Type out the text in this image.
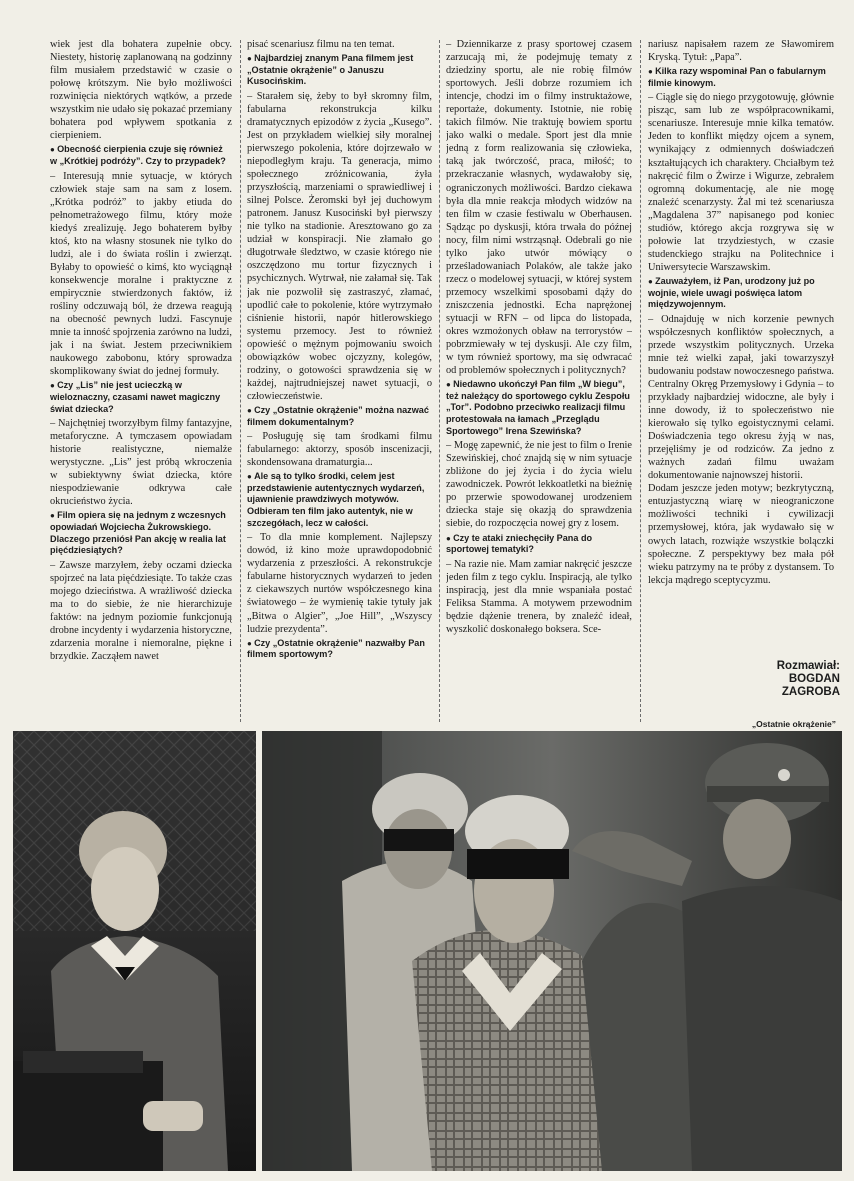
wiek jest dla bohatera zupełnie obcy. Niestety, historię zaplanowaną na godzinny film musiałem przedstawić w czasie o połowę krótszym. Nie było możliwości rozwinięcia niektórych wątków, a przede wszystkim nie udało się pokazać przemiany bohatera pod wpływem spotkania z cierpieniem.

● Obecność cierpienia czuje się również w „Krótkiej podróży”. Czy to przypadek?

– Interesują mnie sytuacje, w których człowiek staje sam na sam z losem. „Krótka podróż” to jakby etiuda do pełnometrażowego filmu, który może kiedyś zrealizuję. Jego bohaterem byłby ktoś, kto na własny stosunek nie tylko do ludzi, ale i do świata roślin i zwierząt. Byłaby to opowieść o kimś, kto wyciągnął konsekwencje moralne i praktyczne z empirycznie stwierdzonych faktów, iż rośliny odczuwają ból, że drzewa reagują na obecność pewnych ludzi. Fascynuje mnie ta inność spojrzenia zarówno na ludzi, jak i na świat. Jestem przeciwnikiem naukowego zabobonu, który sprowadza skomplikowany świat do jednej formuły.

● Czy „Lis” nie jest ucieczką w wieloznaczny, czasami nawet magiczny świat dziecka?

– Najchętniej tworzyłbym filmy fantazyjne, metaforyczne. A tymczasem opowiadam historie realistyczne, niemalże werystyczne. „Lis” jest próbą wkroczenia w subiektywny świat dziecka, które niespodziewanie odkrywa całe okrucieństwo życia.

● Film opiera się na jednym z wczesnych opowiadań Wojciecha Żukrowskiego. Dlaczego przeniósł Pan akcję w realia lat pięćdziesiątych?

– Zawsze marzyłem, żeby oczami dziecka spojrzeć na lata pięćdziesiąte. To także czas mojego dzieciństwa. A wrażliwość dziecka ma to do siebie, że nie hierarchizuje faktów: na jednym poziomie funkcjonują drobne incydenty i wydarzenia historyczne, zdarzenia moralne i niemoralne, piękne i brzydkie. Zacząłem nawet

pisać scenariusz filmu na ten temat.

● Najbardziej znanym Pana filmem jest „Ostatnie okrążenie” o Januszu Kusocińskim.

– Starałem się, żeby to był skromny film, fabularna rekonstrukcja kilku dramatycznych epizodów z życia „Kusego”. Jest on przykładem wielkiej siły moralnej pierwszego pokolenia, które dojrzewało w niepodległym kraju. Ta generacja, mimo społecznego zróżnicowania, żyła przyszłością, marzeniami o sprawiedliwej i silnej Polsce. Żeromski był jej duchowym patronem. Janusz Kusociński był pierwszy nie tylko na stadionie. Aresztowano go za udział w konspiracji. Nie złamało go długotrwałe śledztwo, w czasie którego nie oszczędzono mu tortur fizycznych i psychicznych. Wytrwał, nie załamał się. Tak jak nie pozwolił się zastraszyć, złamać, upodlić całe to pokolenie, które wytrzymało ciśnienie historii, napór hitlerowskiego systemu przemocy. Jest to również opowieść o mężnym pojmowaniu swoich obowiązków wobec ojczyzny, kolegów, rodziny, o gotowości sprawdzenia się w każdej, najtrudniejszej nawet sytuacji, o człowieczeństwie.

● Czy „Ostatnie okrążenie” można nazwać filmem dokumentalnym?

– Posługuję się tam środkami filmu fabularnego: aktorzy, sposób inscenizacji, skondensowana dramaturgia...

● Ale są to tylko środki, celem jest przedstawienie autentycznych wydarzeń, ujawnienie prawdziwych motywów. Odbieram ten film jako autentyk, nie w szczegółach, lecz w całości.

– To dla mnie komplement. Najlepszy dowód, iż kino może uprawdopodobnić wydarzenia z przeszłości. A rekonstrukcje fabularne historycznych wydarzeń to jeden z ciekawszych nurtów współczesnego kina światowego – że wymienię takie tytuły jak „Bitwa o Algier”, „Joe Hill”, „Wszyscy ludzie prezydenta”.

● Czy „Ostatnie okrążenie” nazwałby Pan filmem sportowym?

– Dziennikarze z prasy sportowej czasem zarzucają mi, że podejmuję tematy z dziedziny sportu, ale nie robię filmów sportowych. Jeśli dobrze rozumiem ich intencje, chodzi im o filmy instruktażowe, reportaże, dokumenty. Istotnie, nie robię takich filmów. Nie traktuję bowiem sportu jako walki o medale. Sport jest dla mnie jedną z form realizowania się człowieka, taką jak twórczość, praca, miłość; to przekraczanie własnych, wydawałoby się, ograniczonych możliwości. Bardzo ciekawa była dla mnie reakcja młodych widzów na ten film w czasie festiwalu w Oberhausen. Sądząc po dyskusji, która trwała do późnej nocy, film nimi wstrząsnął. Odebrali go nie tylko jako utwór mówiący o prześladowaniach Polaków, ale także jako rzecz o modelowej sytuacji, w której system przemocy wszelkimi sposobami dąży do zniszczenia jednostki. Echa naprężonej sytuacji w RFN – od lipca do listopada, okres wzmożonych obław na terrorystów – pobrzmiewały w tej dyskusji. Ale czy film, w tym również sportowy, ma się odwracać od problemów społecznych i politycznych?

● Niedawno ukończył Pan film „W biegu”, też należący do sportowego cyklu Zespołu „Tor”. Podobno przeciwko realizacji filmu protestowała na łamach „Przeglądu Sportowego” Irena Szewińska?

– Mogę zapewnić, że nie jest to film o Irenie Szewińskiej, choć znajdą się w nim sytuacje zbliżone do jej życia i do życia wielu zawodniczek. Powrót lekkoatletki na bieżnię po przerwie spowodowanej urodzeniem dziecka staje się okazją do sprawdzenia siebie, do rozpoczęcia nowej gry z losem.

● Czy te ataki zniechęciły Pana do sportowej tematyki?

– Na razie nie. Mam zamiar nakręcić jeszcze jeden film z tego cyklu. Inspiracją, ale tylko inspiracją, jest dla mnie wspaniała postać Feliksa Stamma. A motywem przewodnim będzie dążenie trenera, by znaleźć ideał, wyszkolić doskonałego boksera. Sce-

nariusz napisałem razem ze Sławomirem Kryską. Tytuł: „Papa”.

● Kilka razy wspominał Pan o fabularnym filmie kinowym.

– Ciągle się do niego przygotowuję, głównie pisząc, sam lub ze współpracownikami, scenariusze. Interesuje mnie kilka tematów. Jeden to konflikt między ojcem a synem, wynikający z odmiennych doświadczeń kształtujących ich charaktery. Chciałbym też nakręcić film o Żwirze i Wigurze, zebrałem ogromną dokumentację, ale nie mogę znaleźć scenarzysty. Żal mi też scenariusza „Magdalena 37” napisanego pod koniec studiów, którego akcja rozgrywa się w połowie lat trzydziestych, w czasie studenckiego strajku na Politechnice i Uniwersytecie Warszawskim.

● Zauważyłem, iż Pan, urodzony już po wojnie, wiele uwagi poświęca latom międzywojennym.

– Odnajduję w nich korzenie pewnych współczesnych konfliktów społecznych, a przede wszystkim politycznych. Urzeka mnie też wielki zapał, jaki towarzyszył budowaniu podstaw nowoczesnego państwa. Centralny Okręg Przemysłowy i Gdynia – to przykłady najbardziej widoczne, ale były i inne dowody, iż to społeczeństwo nie kierowało się tylko egoistycznymi celami. Doświadczenia tego okresu żyją w nas, przejęliśmy je od rodziców. Za jedno z ważnych zadań filmu uważam dokumentowanie najnowszej historii.

Dodam jeszcze jeden motyw; bezkrytyczną, entuzjastyczną wiarę w nieograniczone możliwości techniki i cywilizacji przemysłowej, która, jak wydawało się w owych latach, rozwiąże wszystkie bolączki społeczne. Z perspektywy bez mała pół wieku patrzymy na te próby z dystansem. To lekcja mądrego sceptycyzmu.

Rozmawiał:
BOGDAN
ZAGROBA
„Ostatnie okrążenie”
